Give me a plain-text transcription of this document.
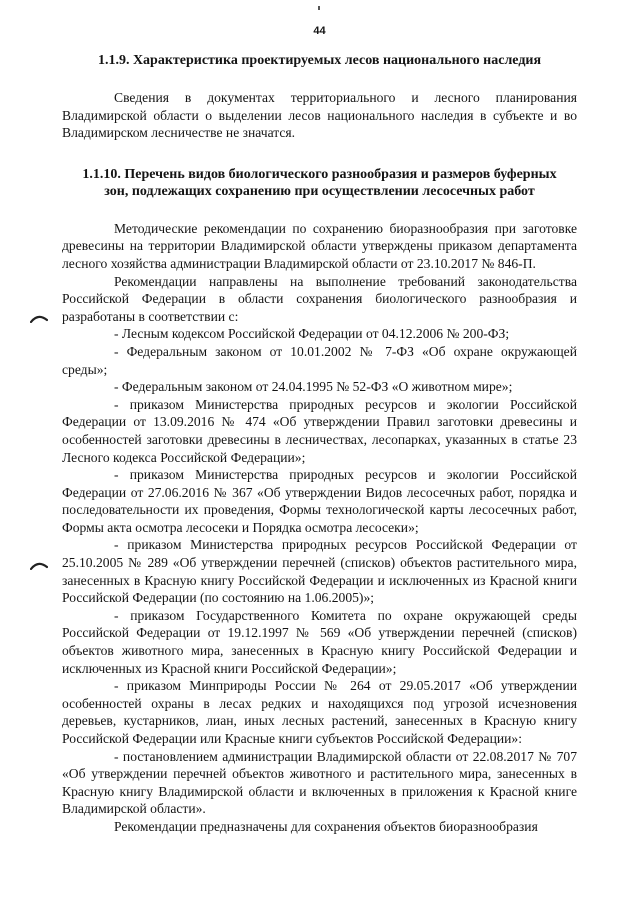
44
1.1.9. Характеристика проектируемых лесов национального наследия

Сведения в документах территориального и лесного планирования Владимирской области о выделении лесов национального наследия в субъекте и во Владимирском лесничестве не значатся.

1.1.10. Перечень видов биологического разнообразия и размеров буферных
зон, подлежащих сохранению при осуществлении лесосечных работ

Методические рекомендации по сохранению биоразнообразия при заготовке древесины на территории Владимирской области утверждены приказом департамента лесного хозяйства администрации Владимирской области от 23.10.2017 № 846-П.

Рекомендации направлены на выполнение требований законодательства Российской Федерации в области сохранения биологического разнообразия и разработаны в соответствии с:

- Лесным кодексом Российской Федерации от 04.12.2006 № 200-ФЗ;

- Федеральным законом от 10.01.2002 № 7-ФЗ «Об охране окружающей среды»;

- Федеральным законом от 24.04.1995 № 52-ФЗ «О животном мире»;

- приказом Министерства природных ресурсов и экологии Российской Федерации от 13.09.2016 № 474 «Об утверждении Правил заготовки древесины и особенностей заготовки древесины в лесничествах, лесопарках, указанных в статье 23 Лесного кодекса Российской Федерации»;

- приказом Министерства природных ресурсов и экологии Российской Федерации от 27.06.2016 № 367 «Об утверждении Видов лесосечных работ, порядка и последовательности их проведения, Формы технологической карты лесосечных работ, Формы акта осмотра лесосеки и Порядка осмотра лесосеки»;

- приказом Министерства природных ресурсов Российской Федерации от 25.10.2005 № 289 «Об утверждении перечней (списков) объектов растительного мира, занесенных в Красную книгу Российской Федерации и исключенных из Красной книги Российской Федерации (по состоянию на 1.06.2005)»;

- приказом Государственного Комитета по охране окружающей среды Российской Федерации от 19.12.1997 № 569 «Об утверждении перечней (списков) объектов животного мира, занесенных в Красную книгу Российской Федерации и исключенных из Красной книги Российской Федерации»;

- приказом Минприроды России № 264 от 29.05.2017 «Об утверждении особенностей охраны в лесах редких и находящихся под угрозой исчезновения деревьев, кустарников, лиан, иных лесных растений, занесенных в Красную книгу Российской Федерации или Красные книги субъектов Российской Федерации»:

- постановлением администрации Владимирской области от 22.08.2017 № 707 «Об утверждении перечней объектов животного и растительного мира, занесенных в Красную книгу Владимирской области и включенных в приложения к Красной книге Владимирской области».

Рекомендации предназначены для сохранения объектов биоразнообразия
